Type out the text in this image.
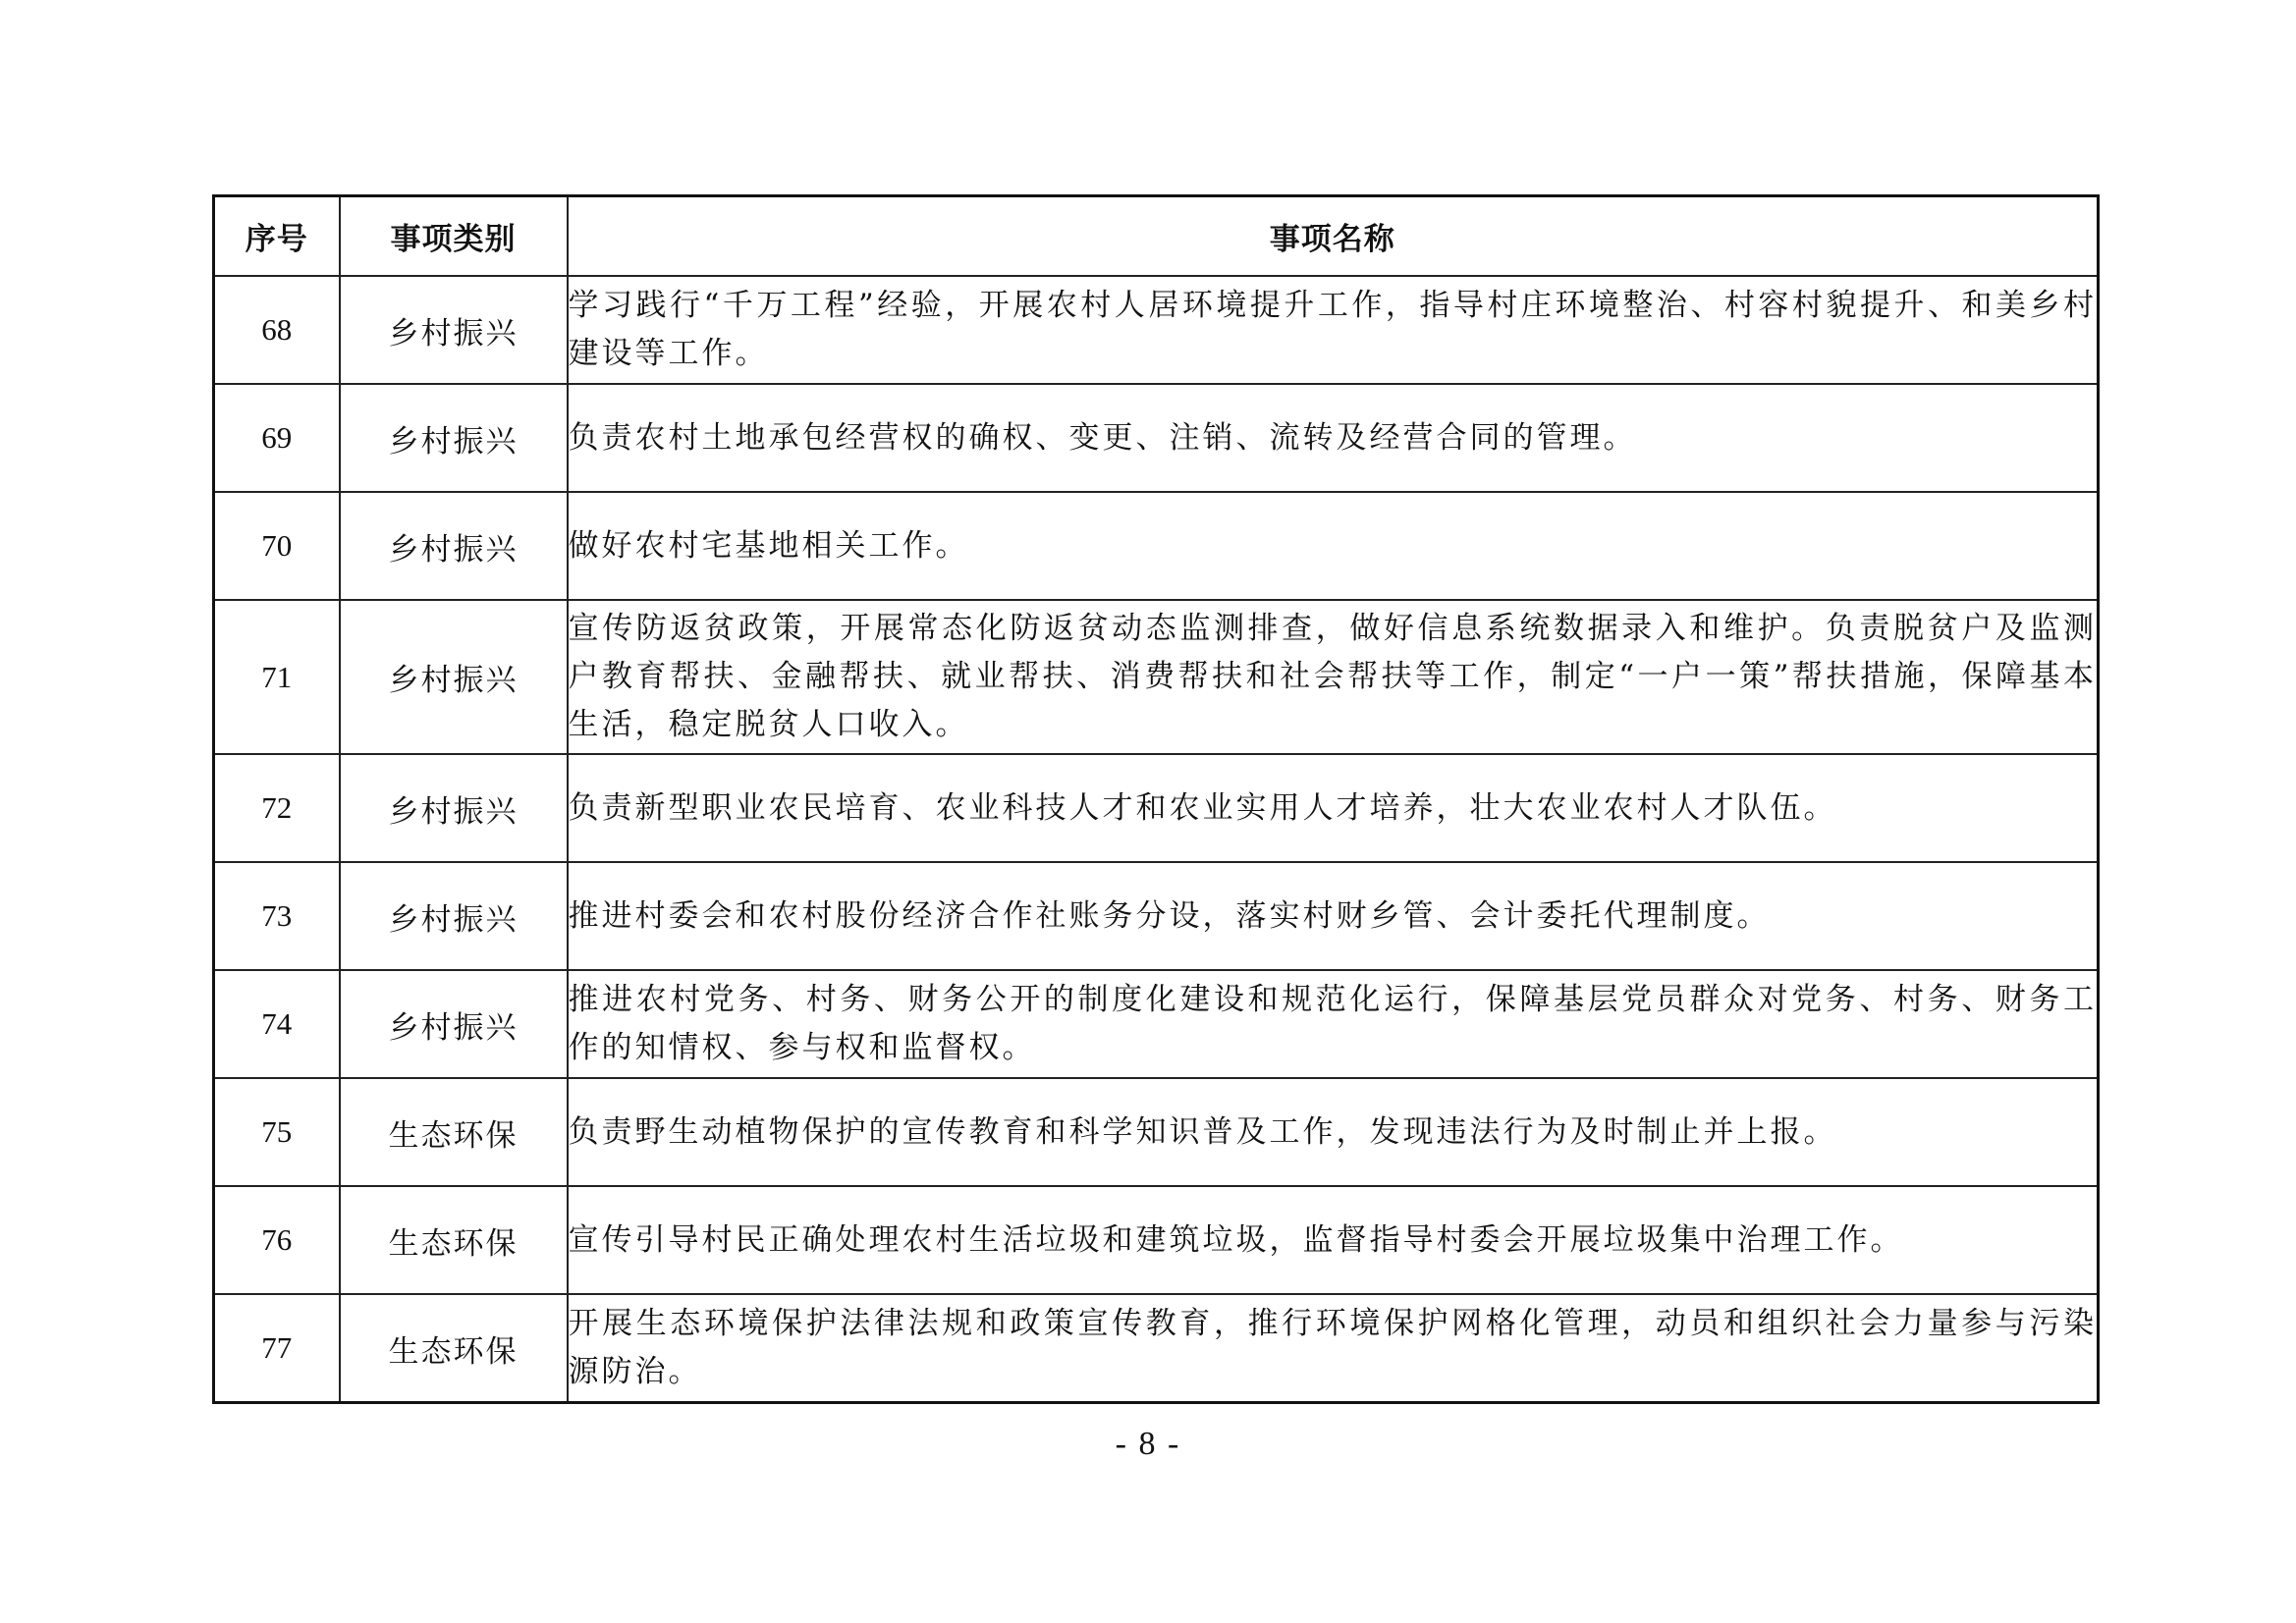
序号	事项类别	事项名称
68	乡村振兴	学习践行“千万工程”经验，开展农村人居环境提升工作，指导村庄环境整治、村容村貌提升、和美乡村建设等工作。
69	乡村振兴	负责农村土地承包经营权的确权、变更、注销、流转及经营合同的管理。
70	乡村振兴	做好农村宅基地相关工作。
71	乡村振兴	宣传防返贫政策，开展常态化防返贫动态监测排查，做好信息系统数据录入和维护。负责脱贫户及监测户教育帮扶、金融帮扶、就业帮扶、消费帮扶和社会帮扶等工作，制定“一户一策”帮扶措施，保障基本生活，稳定脱贫人口收入。
72	乡村振兴	负责新型职业农民培育、农业科技人才和农业实用人才培养，壮大农业农村人才队伍。
73	乡村振兴	推进村委会和农村股份经济合作社账务分设，落实村财乡管、会计委托代理制度。
74	乡村振兴	推进农村党务、村务、财务公开的制度化建设和规范化运行，保障基层党员群众对党务、村务、财务工作的知情权、参与权和监督权。
75	生态环保	负责野生动植物保护的宣传教育和科学知识普及工作，发现违法行为及时制止并上报。
76	生态环保	宣传引导村民正确处理农村生活垃圾和建筑垃圾，监督指导村委会开展垃圾集中治理工作。
77	生态环保	开展生态环境保护法律法规和政策宣传教育，推行环境保护网格化管理，动员和组织社会力量参与污染源防治。
- 8 -
